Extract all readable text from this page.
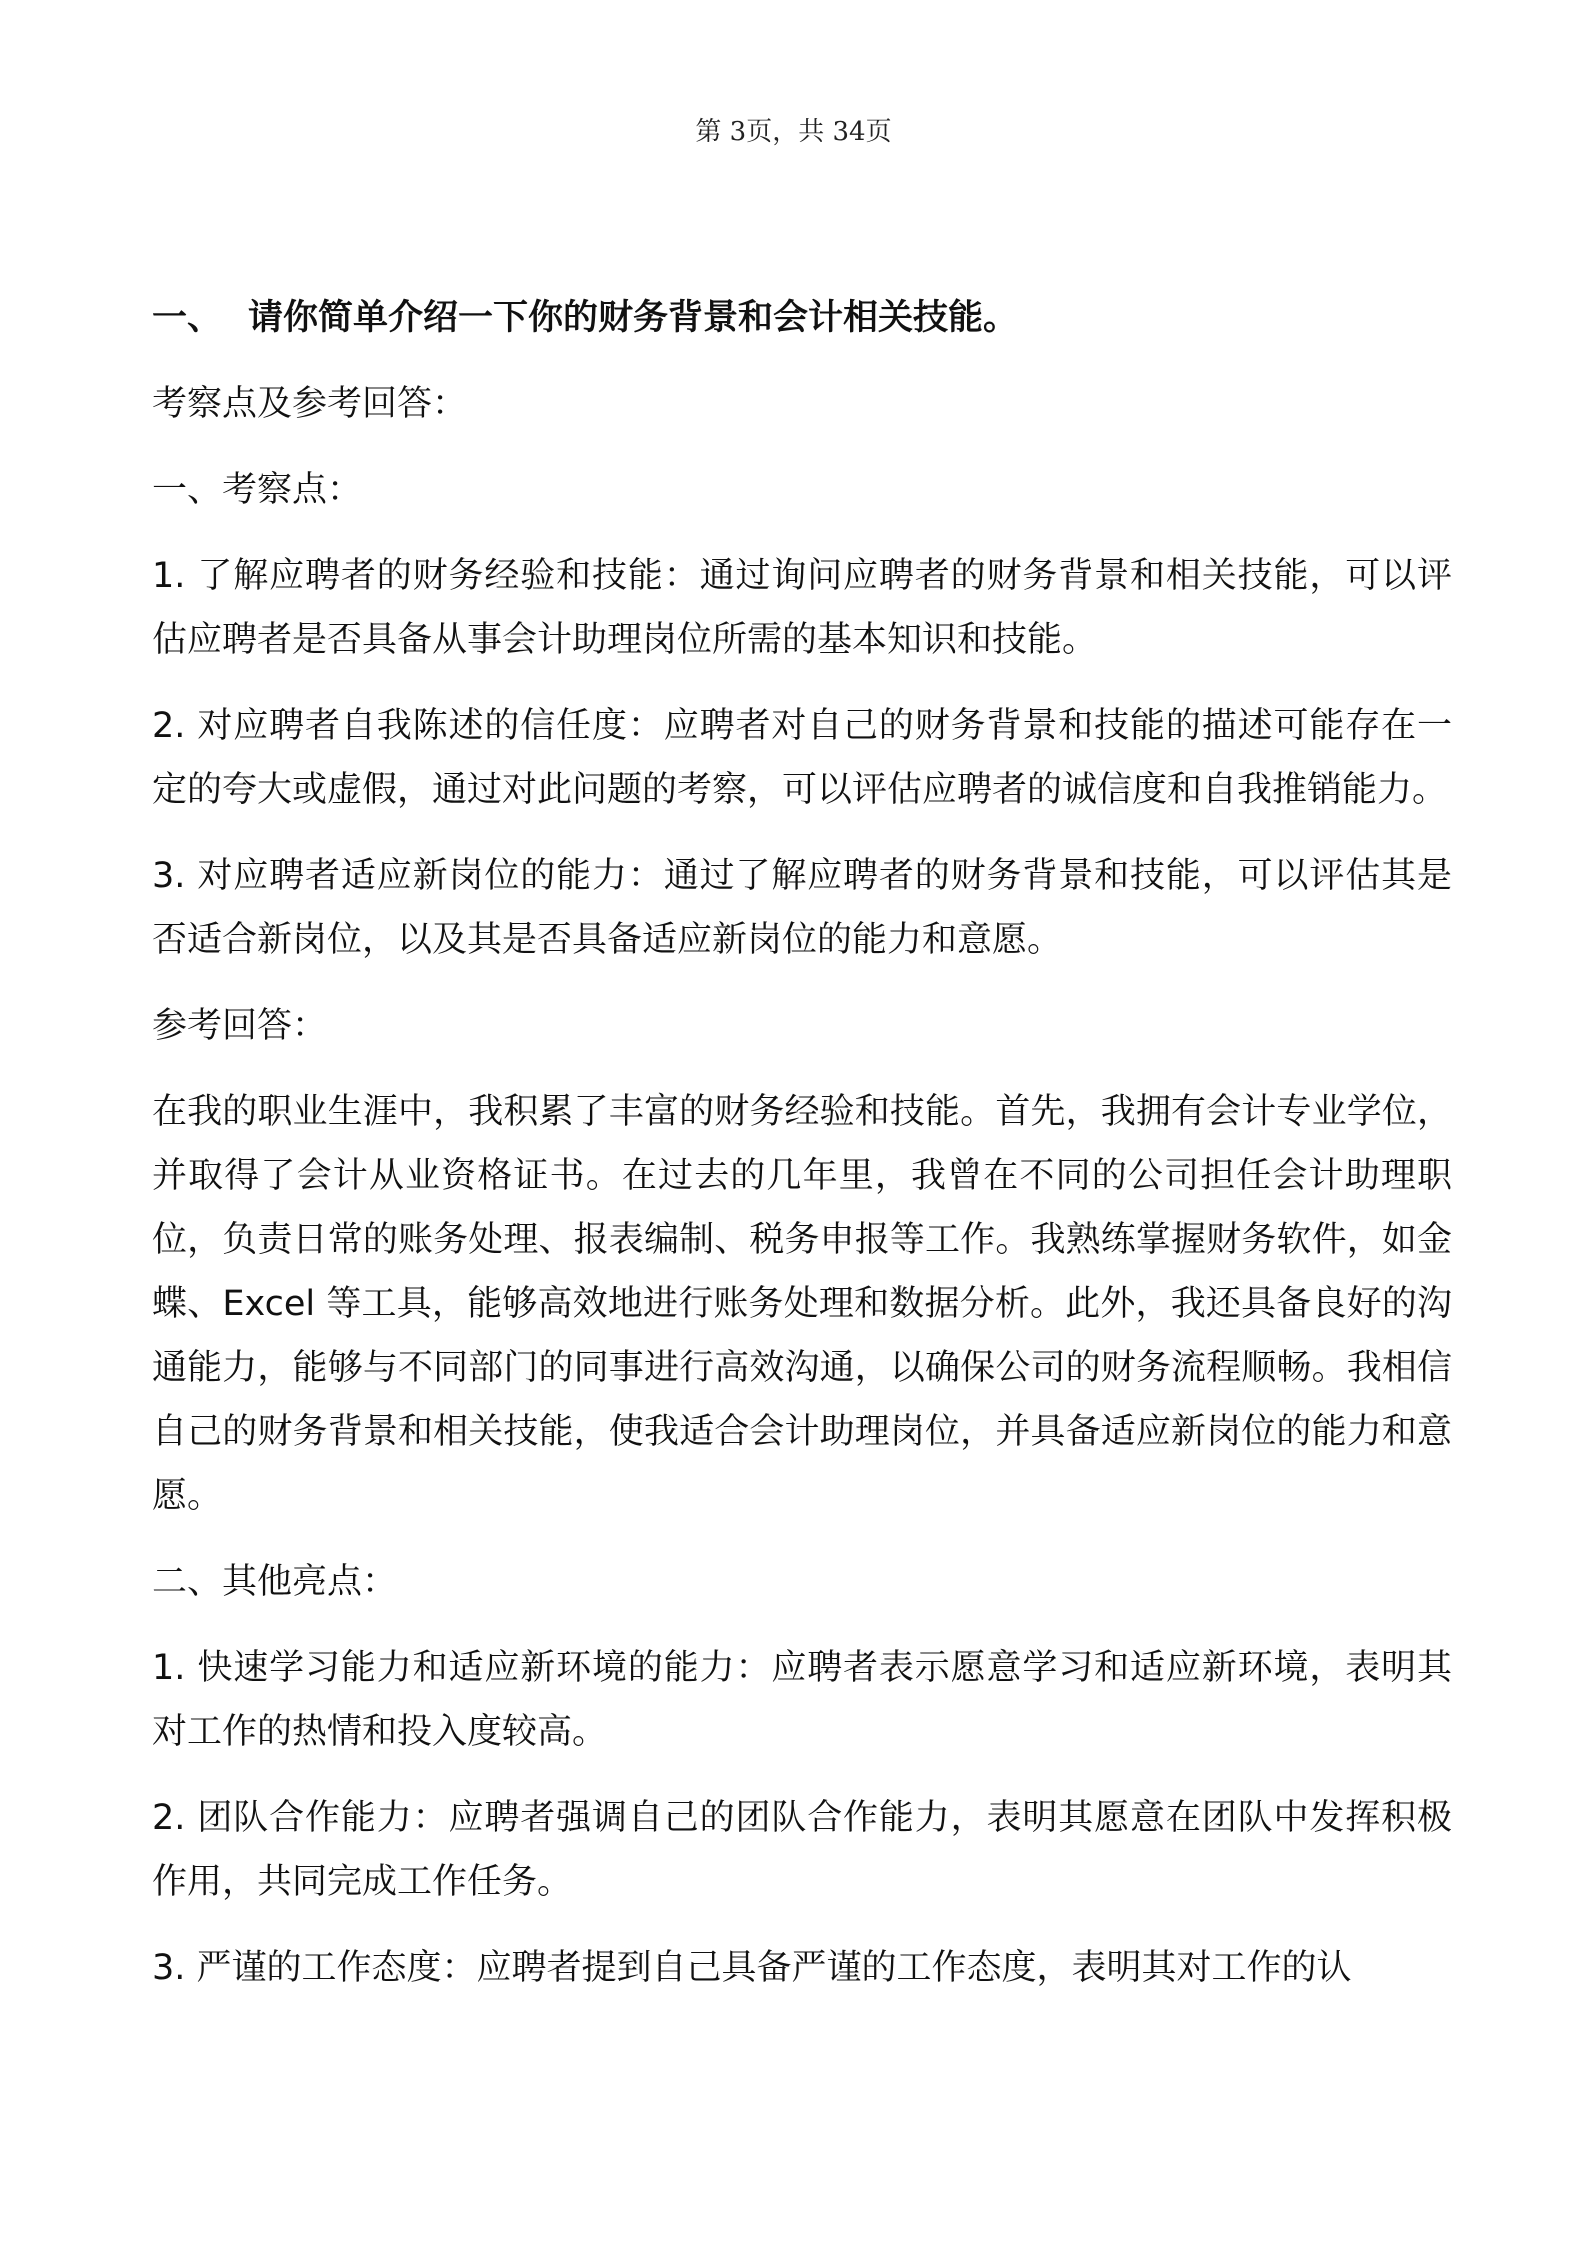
第 3页，共 34页
一、 请你简单介绍一下你的财务背景和会计相关技能。
考察点及参考回答：
一、考察点：
1. 了解应聘者的财务经验和技能：通过询问应聘者的财务背景和相关技能，可以评估应聘者是否具备从事会计助理岗位所需的基本知识和技能。
2. 对应聘者自我陈述的信任度：应聘者对自己的财务背景和技能的描述可能存在一定的夸大或虚假，通过对此问题的考察，可以评估应聘者的诚信度和自我推销能力。
3. 对应聘者适应新岗位的能力：通过了解应聘者的财务背景和技能，可以评估其是否适合新岗位，以及其是否具备适应新岗位的能力和意愿。
参考回答：
在我的职业生涯中，我积累了丰富的财务经验和技能。首先，我拥有会计专业学位，并取得了会计从业资格证书。在过去的几年里，我曾在不同的公司担任会计助理职位，负责日常的账务处理、报表编制、税务申报等工作。我熟练掌握财务软件，如金蝶、Excel 等工具，能够高效地进行账务处理和数据分析。此外，我还具备良好的沟通能力，能够与不同部门的同事进行高效沟通，以确保公司的财务流程顺畅。我相信自己的财务背景和相关技能，使我适合会计助理岗位，并具备适应新岗位的能力和意愿。
二、其他亮点：
1. 快速学习能力和适应新环境的能力：应聘者表示愿意学习和适应新环境，表明其对工作的热情和投入度较高。
2. 团队合作能力：应聘者强调自己的团队合作能力，表明其愿意在团队中发挥积极作用，共同完成工作任务。
3. 严谨的工作态度：应聘者提到自己具备严谨的工作态度，表明其对工作的认
